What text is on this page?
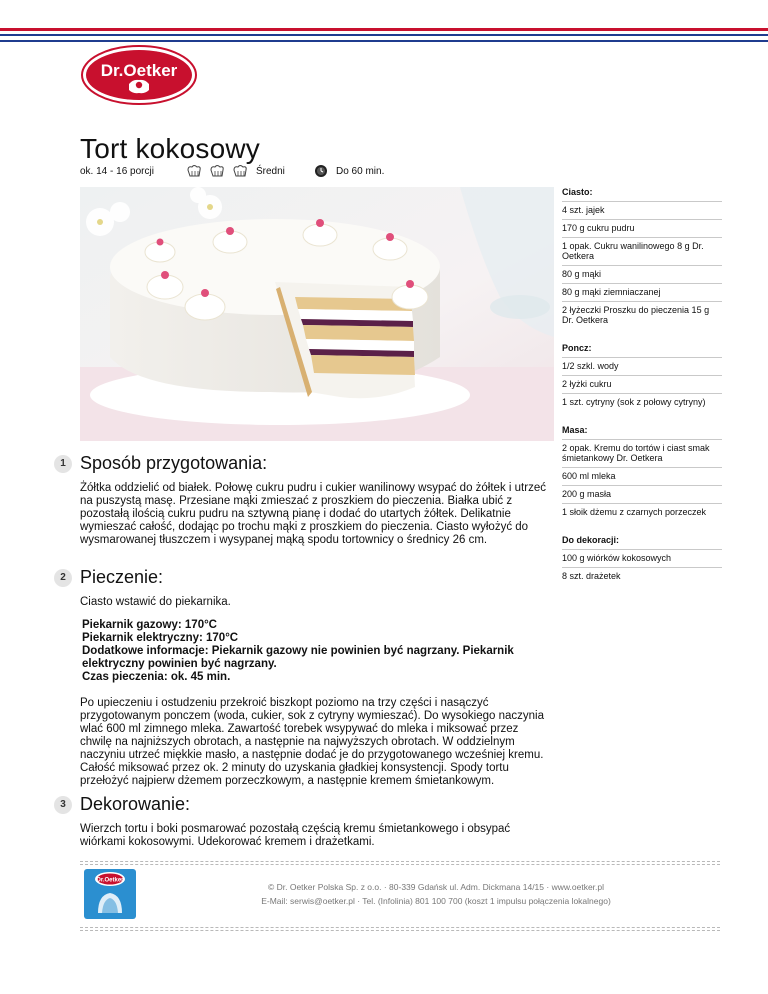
Dr.Oetker
Tort kokosowy
ok. 14 - 16 porcji	Średni	Do 60 min.
Ciasto:
4 szt. jajek
170 g cukru pudru
1 opak. Cukru wanilinowego 8 g Dr. Oetkera
80 g mąki
80 g mąki ziemniaczanej
2 łyżeczki Proszku do pieczenia 15 g Dr. Oetkera
Poncz:
1/2 szkl. wody
2 łyżki cukru
1 szt. cytryny (sok z połowy cytryny)
Masa:
2 opak. Kremu do tortów i ciast smak śmietankowy Dr. Oetkera
600 ml mleka
200 g masła
1 słoik dżemu z czarnych porzeczek
Do dekoracji:
100 g wiórków kokosowych
8 szt. drażetek
1 Sposób przygotowania:

Żółtka oddzielić od białek. Połowę cukru pudru i cukier wanilinowy wsypać do żółtek i utrzeć na puszystą masę. Przesiane mąki zmieszać z proszkiem do pieczenia. Białka ubić z pozostałą ilością cukru pudru na sztywną pianę i dodać do utartych żółtek. Delikatnie wymieszać całość, dodając po trochu mąki z proszkiem do pieczenia. Ciasto wyłożyć do wysmarowanej tłuszczem i wysypanej mąką spodu tortownicy o średnicy 26 cm.

2 Pieczenie:

Ciasto wstawić do piekarnika.

Piekarnik gazowy: 170°C
Piekarnik elektryczny: 170°C
Dodatkowe informacje: Piekarnik gazowy nie powinien być nagrzany. Piekarnik elektryczny powinien być nagrzany.
Czas pieczenia: ok. 45 min.

Po upieczeniu i ostudzeniu przekroić biszkopt poziomo na trzy części i nasączyć przygotowanym ponczem (woda, cukier, sok z cytryny wymieszać). Do wysokiego naczynia wlać 600 ml zimnego mleka. Zawartość torebek wsypywać do mleka i miksować przez chwilę na najniższych obrotach, a następnie na najwyższych obrotach. W oddzielnym naczyniu utrzeć miękkie masło, a następnie dodać je do przygotowanego wcześniej kremu. Całość miksować przez ok. 2 minuty do uzyskania gładkiej konsystencji. Spody tortu przełożyć najpierw dżemem porzeczkowym, a następnie kremem śmietankowym.

3 Dekorowanie:

Wierzch tortu i boki posmarować pozostałą częścią kremu śmietankowego i obsypać wiórkami kokosowymi. Udekorować kremem i drażetkami.

Dr.Oetker
© Dr. Oetker Polska Sp. z o.o. · 80-339 Gdańsk ul. Adm. Dickmana 14/15 · www.oetker.pl
E-Mail: serwis@oetker.pl · Tel. (Infolinia) 801 100 700 (koszt 1 impulsu połączenia lokalnego)
